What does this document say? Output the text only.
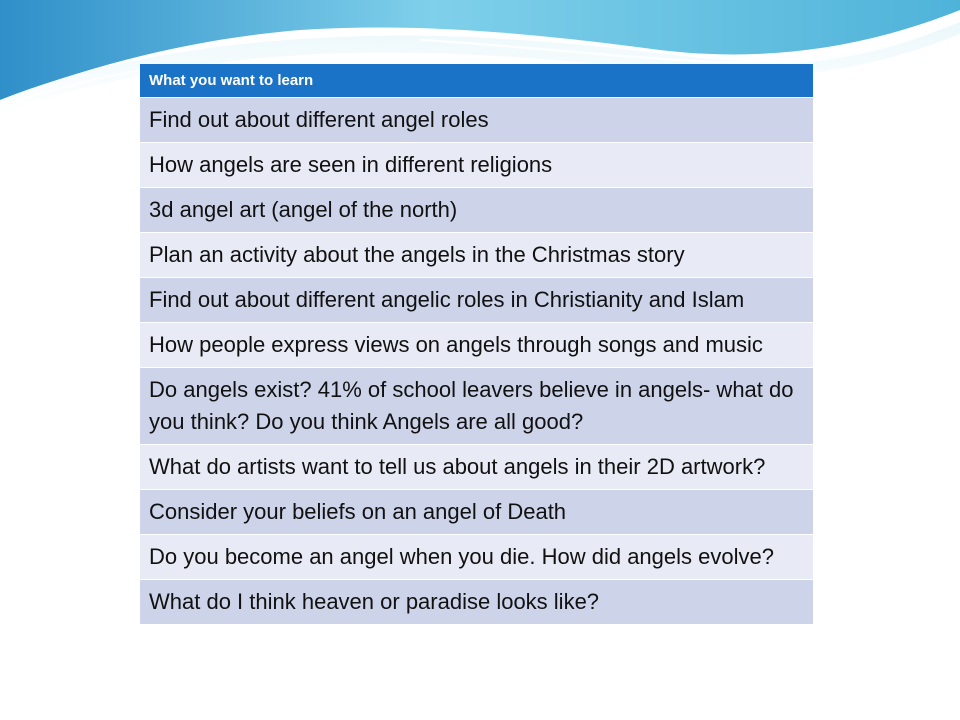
What you want to learn
Find out about different angel roles
How angels are seen in different religions
3d angel art (angel of the north)
Plan an activity about the angels in the Christmas story
Find out about different angelic roles in Christianity and Islam
How people express views on angels through songs and music
Do angels exist? 41% of school leavers believe in angels- what do you think? Do you think Angels are all good?
What do artists want to tell us about angels in their 2D artwork?
Consider your beliefs on an angel of Death
Do you become an angel when you die. How did angels evolve?
What do I think heaven or paradise looks like?
